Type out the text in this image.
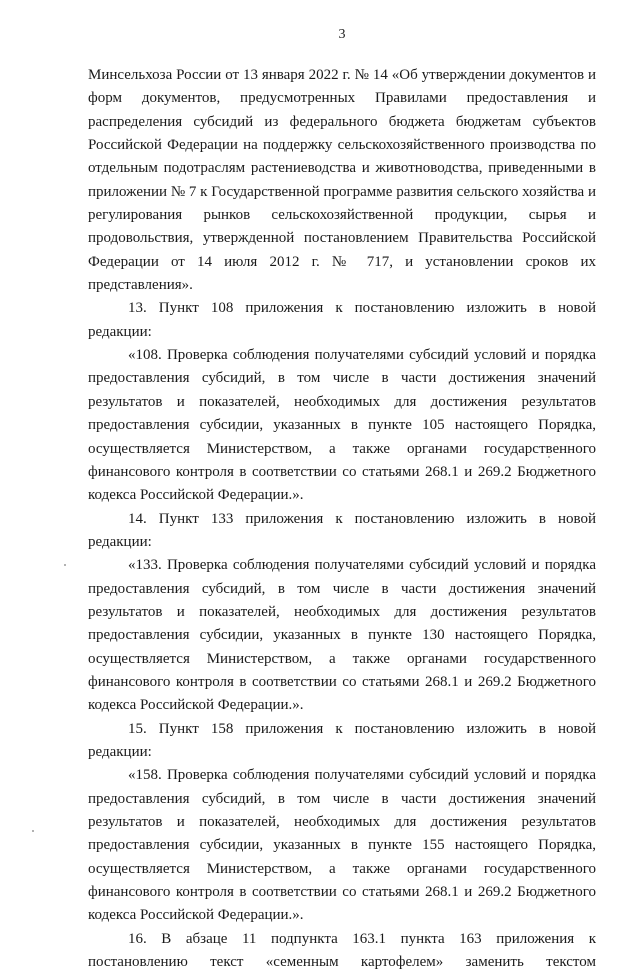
3

Минсельхоза России от 13 января 2022 г. № 14 «Об утверждении документов и форм документов, предусмотренных Правилами предоставления и распределения субсидий из федерального бюджета бюджетам субъектов Российской Федерации на поддержку сельскохозяйственного производства по отдельным подотраслям растениеводства и животноводства, приведенными в приложении № 7 к Государственной программе развития сельского хозяйства и регулирования рынков сельскохозяйственной продукции, сырья и продовольствия, утвержденной постановлением Правительства Российской Федерации от 14 июля 2012 г. № 717, и установлении сроков их представления».

13. Пункт 108 приложения к постановлению изложить в новой редакции:

«108. Проверка соблюдения получателями субсидий условий и порядка предоставления субсидий, в том числе в части достижения значений результатов и показателей, необходимых для достижения результатов предоставления субсидии, указанных в пункте 105 настоящего Порядка, осуществляется Министерством, а также органами государственного финансового контроля в соответствии со статьями 268.1 и 269.2 Бюджетного кодекса Российской Федерации.».

14. Пункт 133 приложения к постановлению изложить в новой редакции:

«133. Проверка соблюдения получателями субсидий условий и порядка предоставления субсидий, в том числе в части достижения значений результатов и показателей, необходимых для достижения результатов предоставления субсидии, указанных в пункте 130 настоящего Порядка, осуществляется Министерством, а также органами государственного финансового контроля в соответствии со статьями 268.1 и 269.2 Бюджетного кодекса Российской Федерации.».

15. Пункт 158 приложения к постановлению изложить в новой редакции:

«158. Проверка соблюдения получателями субсидий условий и порядка предоставления субсидий, в том числе в части достижения значений результатов и показателей, необходимых для достижения результатов предоставления субсидии, указанных в пункте 155 настоящего Порядка, осуществляется Министерством, а также органами государственного финансового контроля в соответствии со статьями 268.1 и 269.2 Бюджетного кодекса Российской Федерации.».

16. В абзаце 11 подпункта 163.1 пункта 163 приложения к постановлению текст «семенным картофелем» заменить текстом
